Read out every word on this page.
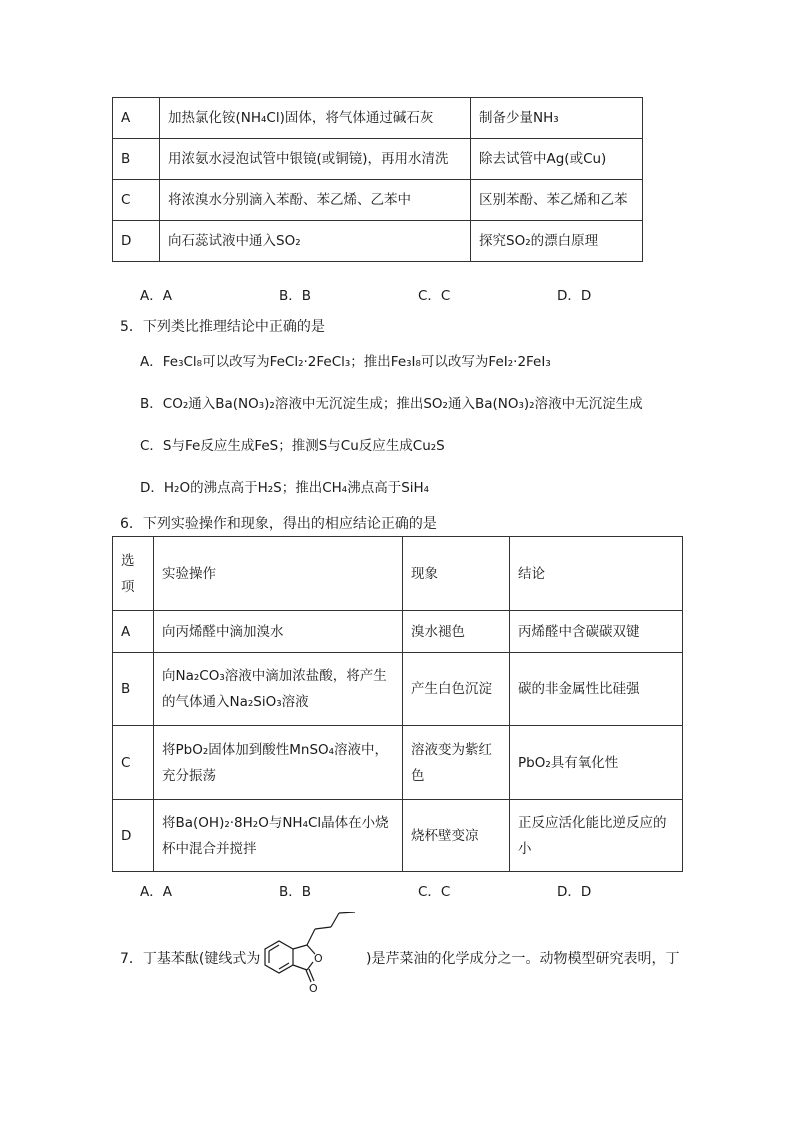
A	加热氯化铵(NH₄Cl)固体，将气体通过碱石灰	制备少量NH₃
B	用浓氨水浸泡试管中银镜(或铜镜)，再用水清洗	除去试管中Ag(或Cu)
C	将浓溴水分别滴入苯酚、苯乙烯、乙苯中	区别苯酚、苯乙烯和乙苯
D	向石蕊试液中通入SO₂	探究SO₂的漂白原理
A．A	B．B	C．C	D．D
5．下列类比推理结论中正确的是
A．Fe₃Cl₈可以改写为FeCl₂·2FeCl₃；推出Fe₃I₈可以改写为FeI₂·2FeI₃
B．CO₂通入Ba(NO₃)₂溶液中无沉淀生成；推出SO₂通入Ba(NO₃)₂溶液中无沉淀生成
C．S与Fe反应生成FeS；推测S与Cu反应生成Cu₂S
D．H₂O的沸点高于H₂S；推出CH₄沸点高于SiH₄
6．下列实验操作和现象，得出的相应结论正确的是
选
项	实验操作	现象	结论
A	向丙烯醛中滴加溴水	溴水褪色	丙烯醛中含碳碳双键
B	向Na₂CO₃溶液中滴加浓盐酸，将产生的气体通入Na₂SiO₃溶液	产生白色沉淀	碳的非金属性比硅强
C	将PbO₂固体加到酸性MnSO₄溶液中，充分振荡	溶液变为紫红色	PbO₂具有氧化性
D	将Ba(OH)₂·8H₂O与NH₄Cl晶体在小烧杯中混合并搅拌	烧杯壁变凉	正反应活化能比逆反应的小
A．A	B．B	C．C	D．D
7．丁基苯酞(键线式为	O
O
)是芹菜油的化学成分之一。动物模型研究表明，丁
